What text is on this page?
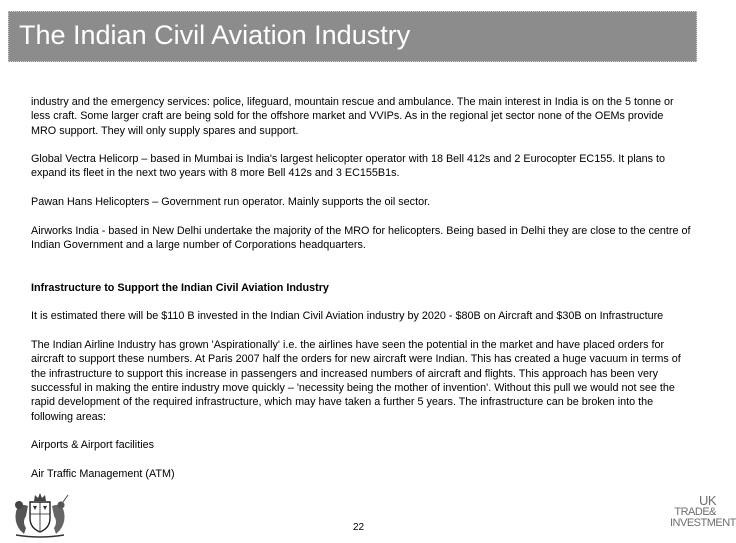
The Indian Civil Aviation Industry

industry and the emergency services: police, lifeguard, mountain rescue and ambulance. The main interest in India is on the 5 tonne or less craft. Some larger craft are being sold for the offshore market and VVIPs. As in the regional jet sector none of the OEMs provide MRO support. They will only supply spares and support.

Global Vectra Helicorp – based in Mumbai is India's largest helicopter operator with 18 Bell 412s and 2 Eurocopter EC155. It plans to expand its fleet in the next two years with 8 more Bell 412s and 3 EC155B1s.

Pawan Hans Helicopters – Government run operator. Mainly supports the oil sector.

Airworks India - based in New Delhi undertake the majority of the MRO for helicopters. Being based in Delhi they are close to the centre of Indian Government and a large number of Corporations headquarters.

Infrastructure to Support the Indian Civil Aviation Industry

It is estimated there will be $110 B invested in the Indian Civil Aviation industry by 2020 - $80B on Aircraft and $30B on Infrastructure

The Indian Airline Industry has grown 'Aspirationally' i.e. the airlines have seen the potential in the market and have placed orders for aircraft to support these numbers. At Paris 2007 half the orders for new aircraft were Indian. This has created a huge vacuum in terms of the infrastructure to support this increase in passengers and increased numbers of aircraft and flights. This approach has been very successful in making the entire industry move quickly – 'necessity being the mother of invention'. Without this pull we would not see the rapid development of the required infrastructure, which may have taken a further 5 years. The infrastructure can be broken into the following areas:

Airports & Airport facilities

Air Traffic Management (ATM)

22
UK
TRADE&
INVESTMENT
